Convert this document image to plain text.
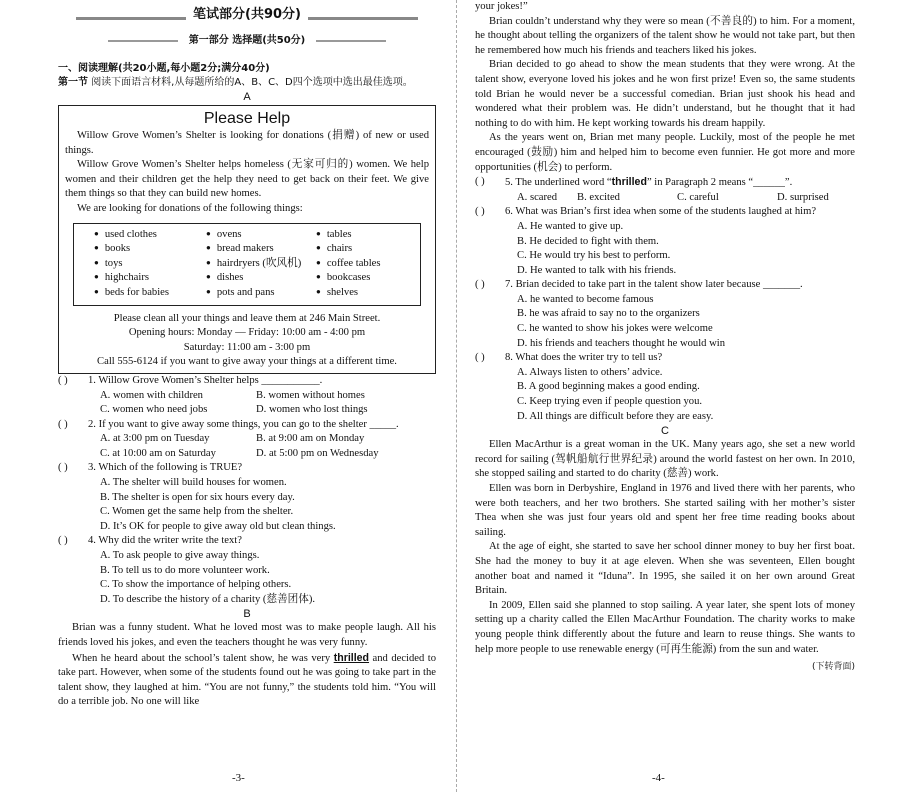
笔试部分(共90分)
第一部分 选择题(共50分)
一、阅读理解(共20小题,每小题2分;满分40分)
第一节 阅读下面语言材料,从每题所给的A、B、C、D四个选项中选出最佳选项。
A
Please Help

Willow Grove Women’s Shelter is looking for donations (捐赠) of new or used things.

Willow Grove Women’s Shelter helps homeless (无家可归的) women. We help women and their children get the help they need to get back on their feet. We give them things so that they can build new homes.

We are looking for donations of the following things:

● used clothes	● ovens	● tables
● books	● bread makers	● chairs
● toys	● hairdryers (吹风机)	● coffee tables
● highchairs	● dishes	● bookcases
● beds for babies	● pots and pans	● shelves
Please clean all your things and leave them at 246 Main Street.
Opening hours: Monday — Friday: 10:00 am - 4:00 pm
Saturday: 11:00 am - 3:00 pm
Call 555-6124 if you want to give away your things at a different time.
( )	1. Willow Grove Women’s Shelter helps ___________.
A. women with children	B. women without homes
C. women who need jobs	D. women who lost things
( )	2. If you want to give away some things, you can go to the shelter _____.
A. at 3:00 pm on Tuesday	B. at 9:00 am on Monday
C. at 10:00 am on Saturday	D. at 5:00 pm on Wednesday
( )	3. Which of the following is TRUE?
A. The shelter will build houses for women.
B. The shelter is open for six hours every day.
C. Women get the same help from the shelter.
D. It’s OK for people to give away old but clean things.
( )	4. Why did the writer write the text?
A. To ask people to give away things.
B. To tell us to do more volunteer work.
C. To show the importance of helping others.
D. To describe the history of a charity (慈善团体).
B

Brian was a funny student. What he loved most was to make people laugh. All his friends loved his jokes, and even the teachers thought he was very funny.

When he heard about the school’s talent show, he was very thrilled and decided to take part. However, when some of the students found out he was going to take part in the talent show, they laughed at him. “You are not funny,” the students told him. “You will do a terrible job. No one will like

-3-

your jokes!”

Brian couldn’t understand why they were so mean (不善良的) to him. For a moment, he thought about telling the organizers of the talent show he would not take part, but then he remembered how much his friends and teachers liked his jokes.

Brian decided to go ahead to show the mean students that they were wrong. At the talent show, everyone loved his jokes and he won first prize! Even so, the same students told Brian he would never be a successful comedian. Brian just shook his head and wondered what their problem was. He didn’t understand, but he thought that it had nothing to do with him. He kept working towards his dream happily.

As the years went on, Brian met many people. Luckily, most of the people he met encouraged (鼓励) him and helped him to become even funnier. He got more and more opportunities (机会) to perform.

( )	5. The underlined word “thrilled” in Paragraph 2 means “______”.
A. scared	B. excited	C. careful	D. surprised
( )	6. What was Brian’s first idea when some of the students laughed at him?
A. He wanted to give up.
B. He decided to fight with them.
C. He would try his best to perform.
D. He wanted to talk with his friends.
( )	7. Brian decided to take part in the talent show later because _______.
A. he wanted to become famous
B. he was afraid to say no to the organizers
C. he wanted to show his jokes were welcome
D. his friends and teachers thought he would win
( )	8. What does the writer try to tell us?
A. Always listen to others’ advice.
B. A good beginning makes a good ending.
C. Keep trying even if people question you.
D. All things are difficult before they are easy.
C

Ellen MacArthur is a great woman in the UK. Many years ago, she set a new world record for sailing (驾帆船航行世界纪录) around the world fastest on her own. In 2010, she stopped sailing and started to do charity (慈善) work.

Ellen was born in Derbyshire, England in 1976 and lived there with her parents, who were both teachers, and her two brothers. She started sailing with her mother’s sister Thea when she was just four years old and spent her free time reading books about sailing.

At the age of eight, she started to save her school dinner money to buy her first boat. She had the money to buy it at age eleven. When she was seventeen, Ellen bought another boat and named it “Iduna”. In 1995, she sailed it on her own around Great Britain.

In 2009, Ellen said she planned to stop sailing. A year later, she spent lots of money setting up a charity called the Ellen MacArthur Foundation. The charity works to make young people think differently about the future and learn to reuse things. She wants to help more people to use renewable energy (可再生能源) from the sun and water.

(下转背面)
-4-
